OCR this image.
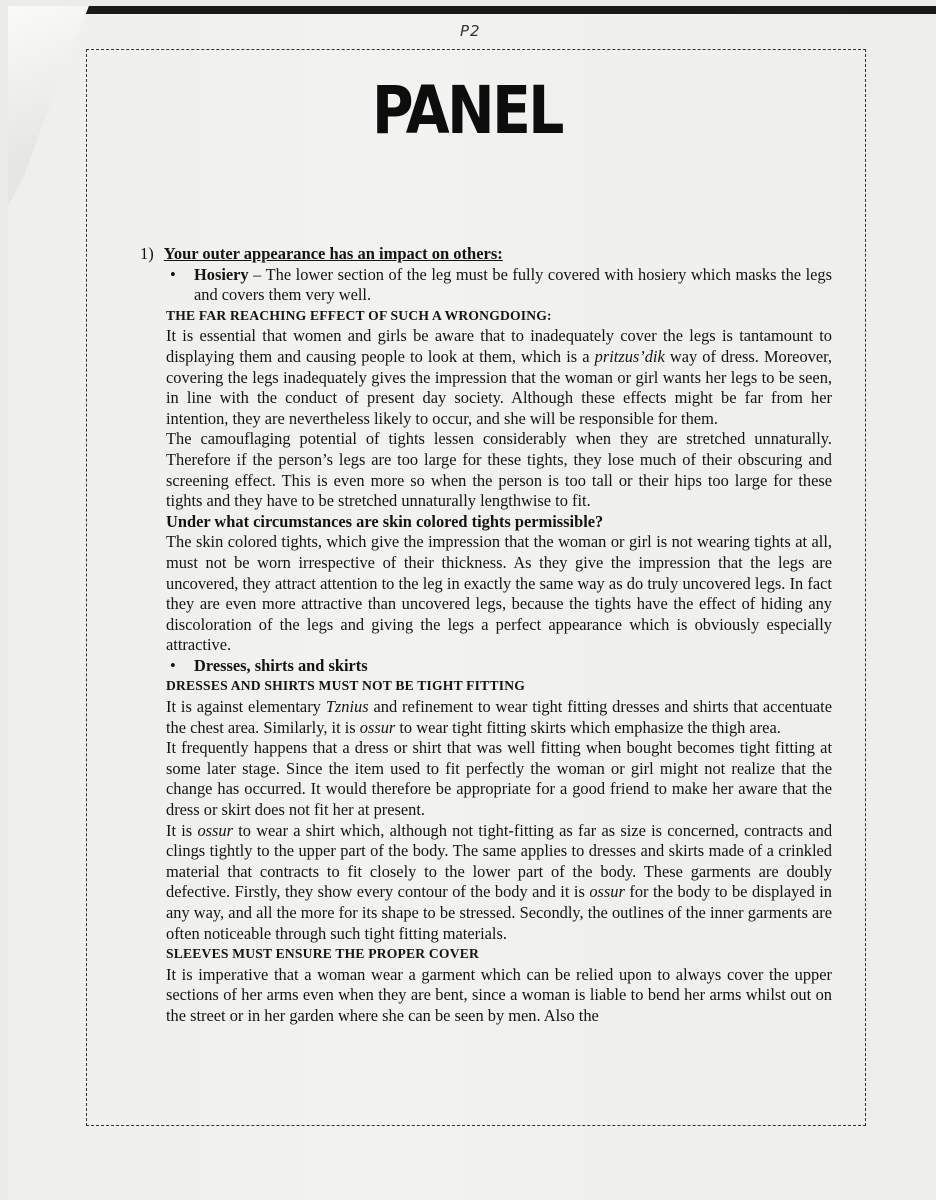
P2
PANEL
1) Your outer appearance has an impact on others:
• Hosiery – The lower section of the leg must be fully covered with hosiery which masks the legs and covers them very well.

THE FAR REACHING EFFECT OF SUCH A WRONGDOING:

It is essential that women and girls be aware that to inadequately cover the legs is tantamount to displaying them and causing people to look at them, which is a pritzus’dik way of dress. Moreover, covering the legs inadequately gives the impression that the woman or girl wants her legs to be seen, in line with the conduct of present day society. Although these effects might be far from her intention, they are nevertheless likely to occur, and she will be responsible for them.

The camouflaging potential of tights lessen considerably when they are stretched unnaturally. Therefore if the person’s legs are too large for these tights, they lose much of their obscuring and screening effect. This is even more so when the person is too tall or their hips too large for these tights and they have to be stretched unnaturally lengthwise to fit.

Under what circumstances are skin colored tights permissible?

The skin colored tights, which give the impression that the woman or girl is not wearing tights at all, must not be worn irrespective of their thickness. As they give the impression that the legs are uncovered, they attract attention to the leg in exactly the same way as do truly uncovered legs. In fact they are even more attractive than uncovered legs, because the tights have the effect of hiding any discoloration of the legs and giving the legs a perfect appearance which is obviously especially attractive.

• Dresses, shirts and skirts
DRESSES AND SHIRTS MUST NOT BE TIGHT FITTING

It is against elementary Tznius and refinement to wear tight fitting dresses and shirts that accentuate the chest area. Similarly, it is ossur to wear tight fitting skirts which emphasize the thigh area.

It frequently happens that a dress or shirt that was well fitting when bought becomes tight fitting at some later stage. Since the item used to fit perfectly the woman or girl might not realize that the change has occurred. It would therefore be appropriate for a good friend to make her aware that the dress or skirt does not fit her at present.

It is ossur to wear a shirt which, although not tight-fitting as far as size is concerned, contracts and clings tightly to the upper part of the body. The same applies to dresses and skirts made of a crinkled material that contracts to fit closely to the lower part of the body. These garments are doubly defective. Firstly, they show every contour of the body and it is ossur for the body to be displayed in any way, and all the more for its shape to be stressed. Secondly, the outlines of the inner garments are often noticeable through such tight fitting materials.

SLEEVES MUST ENSURE THE PROPER COVER

It is imperative that a woman wear a garment which can be relied upon to always cover the upper sections of her arms even when they are bent, since a woman is liable to bend her arms whilst out on the street or in her garden where she can be seen by men. Also the
